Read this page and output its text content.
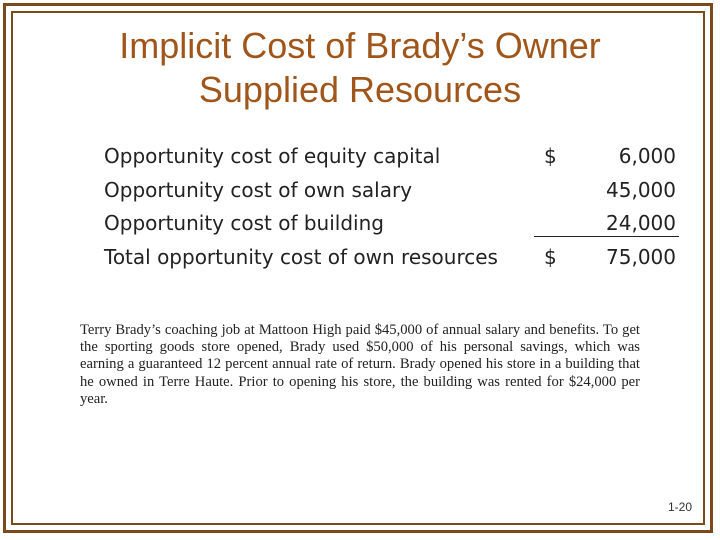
Implicit Cost of Brady’s Owner
Supplied Resources
Opportunity cost of equity capital	$	6,000
Opportunity cost of own salary	45,000
Opportunity cost of building	24,000
Total opportunity cost of own resources $ 75,000
Terry Brady’s coaching job at Mattoon High paid $45,000 of annual salary and benefits. To get the sporting goods store opened, Brady used $50,000 of his personal savings, which was earning a guaranteed 12 percent annual rate of return. Brady opened his store in a building that he owned in Terre Haute. Prior to opening his store, the building was rented for $24,000 per year.
1-20
